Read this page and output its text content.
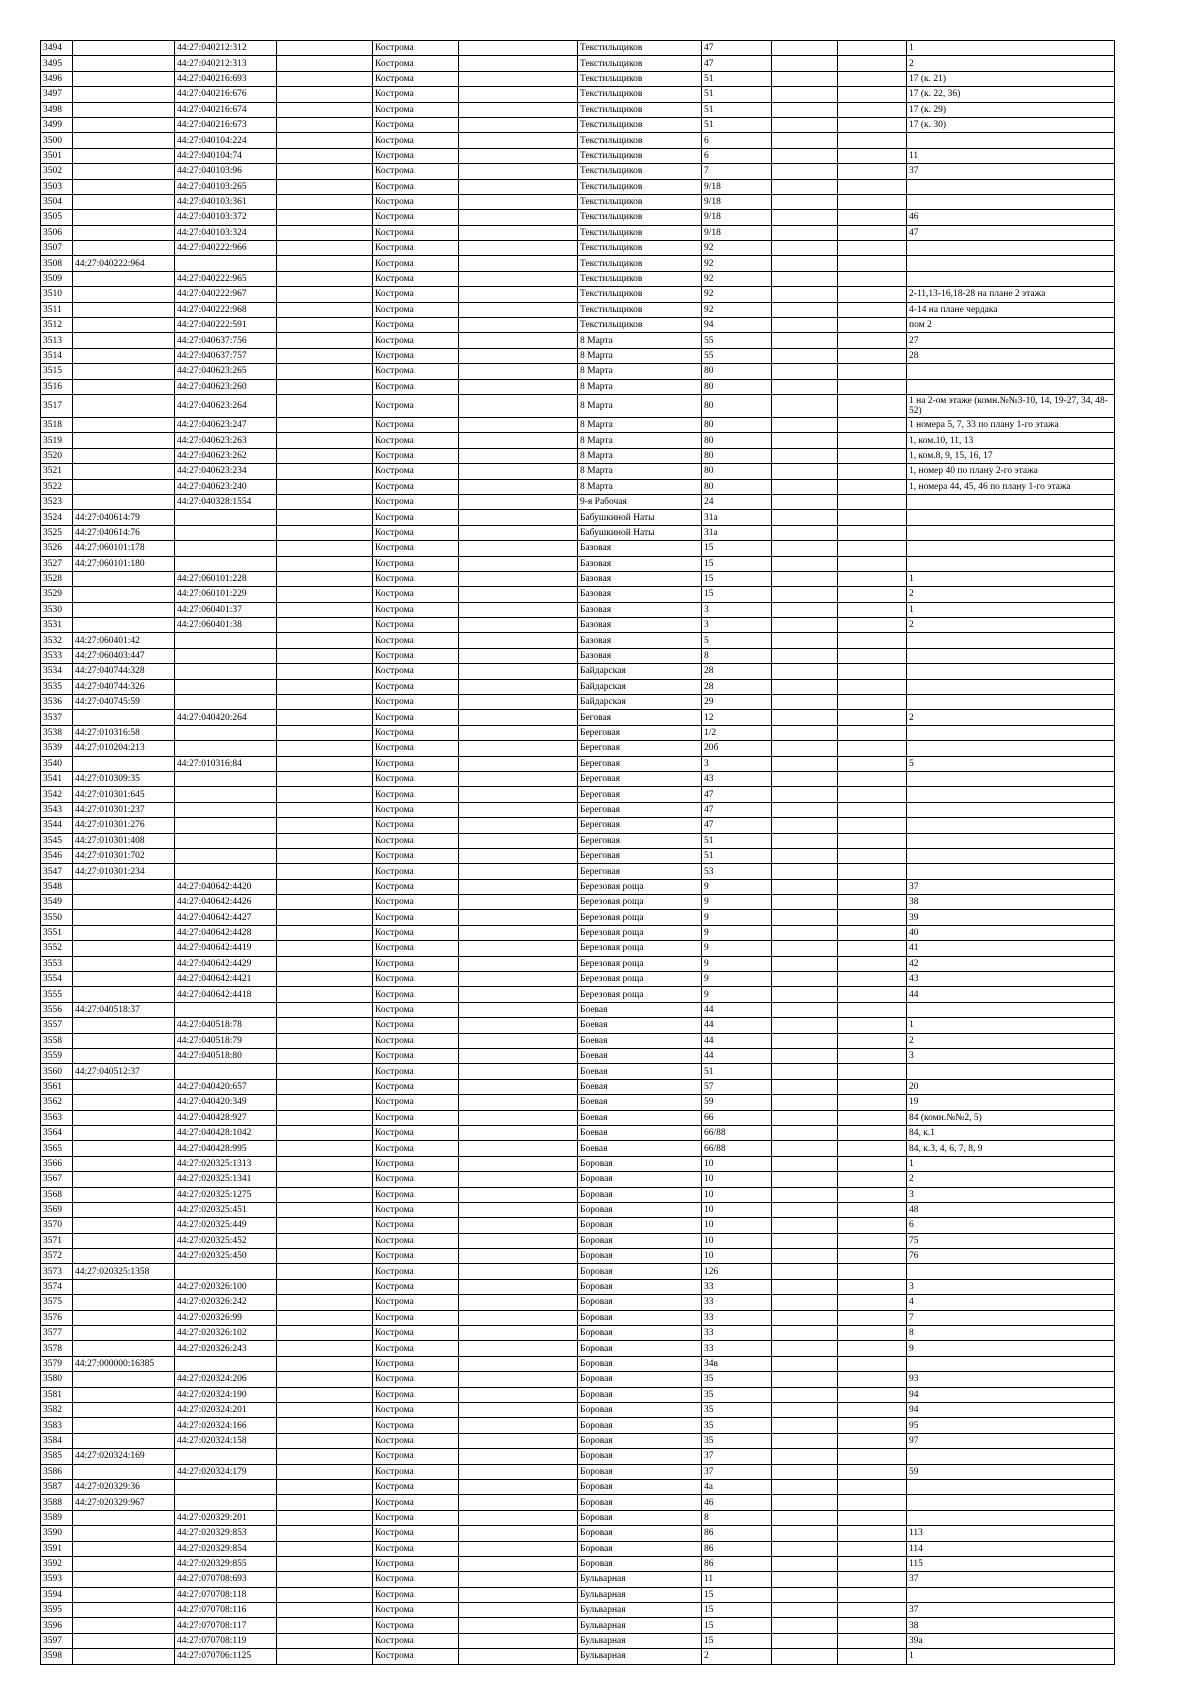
3494		44:27:040212:312		Кострома		Текстильщиков	47			1
3495		44:27:040212:313		Кострома		Текстильщиков	47			2
3496		44:27:040216:693		Кострома		Текстильщиков	51			17 (к. 21)
3497		44:27:040216:676		Кострома		Текстильщиков	51			17 (к. 22, 36)
3498		44:27:040216:674		Кострома		Текстильщиков	51			17 (к. 29)
3499		44:27:040216:673		Кострома		Текстильщиков	51			17 (к. 30)
3500		44:27:040104:224		Кострома		Текстильщиков	6			
3501		44:27:040104:74		Кострома		Текстильщиков	6			11
3502		44:27:040103:96		Кострома		Текстильщиков	7			37
3503		44:27:040103:265		Кострома		Текстильщиков	9/18			
3504		44:27:040103:361		Кострома		Текстильщиков	9/18			
3505		44:27:040103:372		Кострома		Текстильщиков	9/18			46
3506		44:27:040103:324		Кострома		Текстильщиков	9/18			47
3507		44:27:040222:966		Кострома		Текстильщиков	92			
3508	44:27:040222:964			Кострома		Текстильщиков	92			
3509		44:27:040222:965		Кострома		Текстильщиков	92			
3510		44:27:040222:967		Кострома		Текстильщиков	92			2-11,13-16,18-28 на плане 2 этажа
3511		44:27:040222:968		Кострома		Текстильщиков	92			4-14 на плане чердака
3512		44:27:040222:591		Кострома		Текстильщиков	94			пом 2
3513		44:27:040637:756		Кострома		8 Марта	55			27
3514		44:27:040637:757		Кострома		8 Марта	55			28
3515		44:27:040623:265		Кострома		8 Марта	80			
3516		44:27:040623:260		Кострома		8 Марта	80			
3517		44:27:040623:264		Кострома		8 Марта	80			1 на 2-ом этаже (комн.№№3-10, 14, 19-27, 34, 48-52)
3518		44:27:040623:247		Кострома		8 Марта	80			1 номера 5, 7, 33 по плану 1-го этажа
3519		44:27:040623:263		Кострома		8 Марта	80			1, ком.10, 11, 13
3520		44:27:040623:262		Кострома		8 Марта	80			1, ком.8, 9, 15, 16, 17
3521		44:27:040623:234		Кострома		8 Марта	80			1, номер 40 по плану 2-го этажа
3522		44:27:040623:240		Кострома		8 Марта	80			1, номера 44, 45, 46 по плану 1-го этажа
3523		44:27:040328:1554		Кострома		9-я Рабочая	24			
3524	44:27:040614:79			Кострома		Бабушкиной Наты	31а			
3525	44:27:040614:76			Кострома		Бабушкиной Наты	31а			
3526	44:27:060101:178			Кострома		Базовая	15			
3527	44:27:060101:180			Кострома		Базовая	15			
3528		44:27:060101:228		Кострома		Базовая	15			1
3529		44:27:060101:229		Кострома		Базовая	15			2
3530		44:27:060401:37		Кострома		Базовая	3			1
3531		44:27:060401:38		Кострома		Базовая	3			2
3532	44:27:060401:42			Кострома		Базовая	5			
3533	44:27:060403:447			Кострома		Базовая	8			
3534	44:27:040744:328			Кострома		Байдарская	28			
3535	44:27:040744:326			Кострома		Байдарская	28			
3536	44:27:040745:59			Кострома		Байдарская	29			
3537		44:27:040420:264		Кострома		Беговая	12			2
3538	44:27:010316:58			Кострома		Береговая	1/2			
3539	44:27:010204:213			Кострома		Береговая	20б			
3540		44:27:010316:84		Кострома		Береговая	3			5
3541	44:27:010309:35			Кострома		Береговая	43			
3542	44:27:010301:645			Кострома		Береговая	47			
3543	44:27:010301:237			Кострома		Береговая	47			
3544	44:27:010301:276			Кострома		Береговая	47			
3545	44:27:010301:408			Кострома		Береговая	51			
3546	44:27:010301:702			Кострома		Береговая	51			
3547	44:27:010301:234			Кострома		Береговая	53			
3548		44:27:040642:4420		Кострома		Березовая роща	9			37
3549		44:27:040642:4426		Кострома		Березовая роща	9			38
3550		44:27:040642:4427		Кострома		Березовая роща	9			39
3551		44:27:040642:4428		Кострома		Березовая роща	9			40
3552		44:27:040642:4419		Кострома		Березовая роща	9			41
3553		44:27:040642:4429		Кострома		Березовая роща	9			42
3554		44:27:040642:4421		Кострома		Березовая роща	9			43
3555		44:27:040642:4418		Кострома		Березовая роща	9			44
3556	44:27:040518:37			Кострома		Боевая	44			
3557		44:27:040518:78		Кострома		Боевая	44			1
3558		44:27:040518:79		Кострома		Боевая	44			2
3559		44:27:040518:80		Кострома		Боевая	44			3
3560	44:27:040512:37			Кострома		Боевая	51			
3561		44:27:040420:657		Кострома		Боевая	57			20
3562		44:27:040420:349		Кострома		Боевая	59			19
3563		44:27:040428:927		Кострома		Боевая	66			84 (комн.№№2, 5)
3564		44:27:040428:1042		Кострома		Боевая	66/88			84, к.1
3565		44:27:040428:995		Кострома		Боевая	66/88			84, к.3, 4, 6, 7, 8, 9
3566		44:27:020325:1313		Кострома		Боровая	10			1
3567		44:27:020325:1341		Кострома		Боровая	10			2
3568		44:27:020325:1275		Кострома		Боровая	10			3
3569		44:27:020325:451		Кострома		Боровая	10			48
3570		44:27:020325:449		Кострома		Боровая	10			6
3571		44:27:020325:452		Кострома		Боровая	10			75
3572		44:27:020325:450		Кострома		Боровая	10			76
3573	44:27:020325:1358			Кострома		Боровая	126			
3574		44:27:020326:100		Кострома		Боровая	33			3
3575		44:27:020326:242		Кострома		Боровая	33			4
3576		44:27:020326:99		Кострома		Боровая	33			7
3577		44:27:020326:102		Кострома		Боровая	33			8
3578		44:27:020326:243		Кострома		Боровая	33			9
3579	44:27:000000:16385			Кострома		Боровая	34в			
3580		44:27:020324:206		Кострома		Боровая	35			93
3581		44:27:020324:190		Кострома		Боровая	35			94
3582		44:27:020324:201		Кострома		Боровая	35			94
3583		44:27:020324:166		Кострома		Боровая	35			95
3584		44:27:020324:158		Кострома		Боровая	35			97
3585	44:27:020324:169			Кострома		Боровая	37			
3586		44:27:020324:179		Кострома		Боровая	37			59
3587	44:27:020329:36			Кострома		Боровая	4а			
3588	44:27:020329:967			Кострома		Боровая	46			
3589		44:27:020329:201		Кострома		Боровая	8			
3590		44:27:020329:853		Кострома		Боровая	86			113
3591		44:27:020329:854		Кострома		Боровая	86			114
3592		44:27:020329:855		Кострома		Боровая	86			115
3593		44:27:070708:693		Кострома		Бульварная	11			37
3594		44:27:070708:118		Кострома		Бульварная	15			
3595		44:27:070708:116		Кострома		Бульварная	15			37
3596		44:27:070708:117		Кострома		Бульварная	15			38
3597		44:27:070708:119		Кострома		Бульварная	15			39а
3598		44:27:070706:1125		Кострома		Бульварная	2			1
